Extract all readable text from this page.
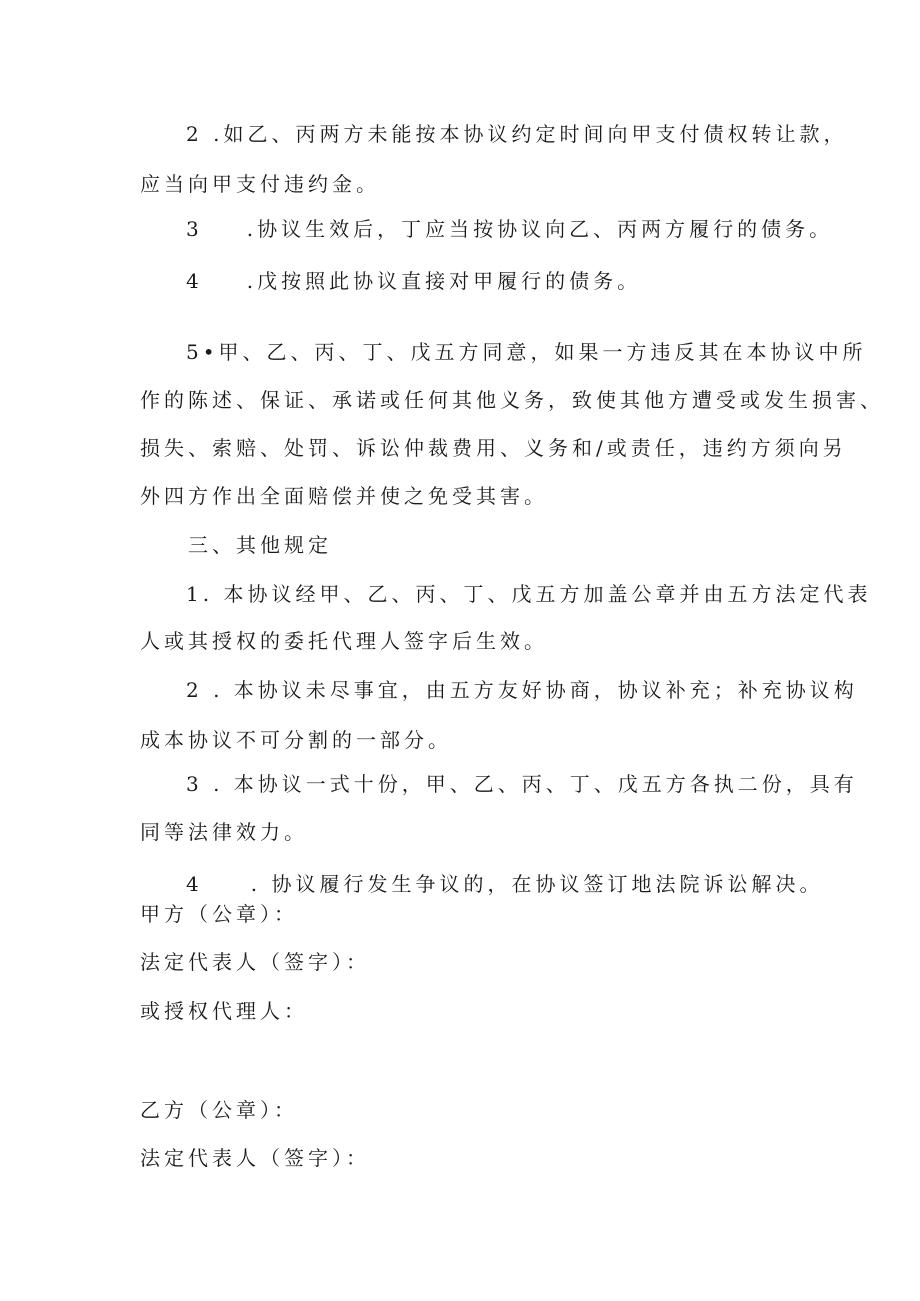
2 .如乙、丙两方未能按本协议约定时间向甲支付债权转让款，

应当向甲支付违约金。

3 .协议生效后，丁应当按协议向乙、丙两方履行的债务。

4 .戊按照此协议直接对甲履行的债务。

5•甲、乙、丙、丁、戊五方同意，如果一方违反其在本协议中所

作的陈述、保证、承诺或任何其他义务，致使其他方遭受或发生损害、

损失、索赔、处罚、诉讼仲裁费用、义务和/或责任，违约方须向另

外四方作出全面赔偿并使之免受其害。

三、其他规定

1. 本协议经甲、乙、丙、丁、戊五方加盖公章并由五方法定代表

人或其授权的委托代理人签字后生效。

2 . 本协议未尽事宜，由五方友好协商，协议补充；补充协议构

成本协议不可分割的一部分。

3 . 本协议一式十份，甲、乙、丙、丁、戊五方各执二份，具有

同等法律效力。

4 . 协议履行发生争议的，在协议签订地法院诉讼解决。

甲方（公章）：

法定代表人（签字）：

或授权代理人：

乙方（公章）：

法定代表人（签字）：
